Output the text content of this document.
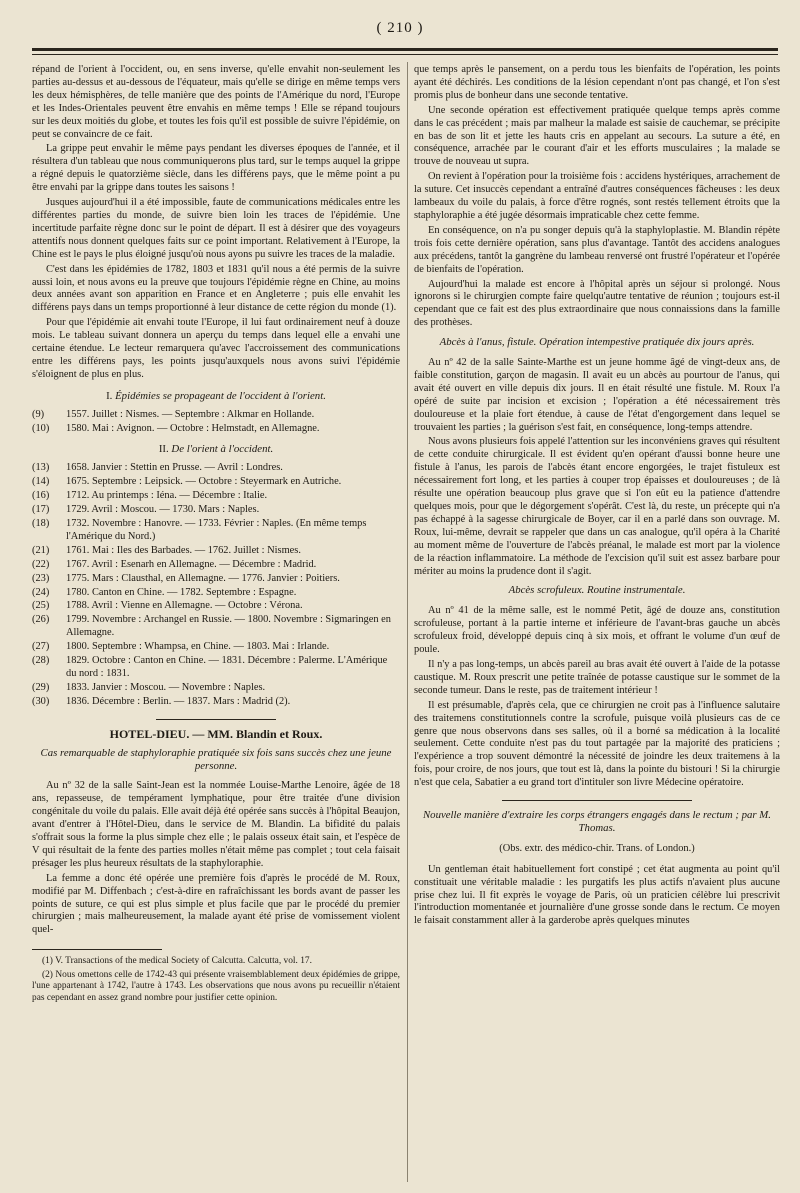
( 210 )

répand de l'orient à l'occident, ou, en sens inverse, qu'elle envahit non-seulement les parties au-dessus et au-dessous de l'équateur, mais qu'elle se dirige en même temps vers les deux hémisphères, de telle manière que des points de l'Amérique du nord, l'Europe et les Indes-Orientales peuvent être envahis en même temps ! Elle se répand toujours sur les deux moitiés du globe, et toutes les fois qu'il est possible de suivre l'épidémie, on peut se convaincre de ce fait.

La grippe peut envahir le même pays pendant les diverses époques de l'année, et il résultera d'un tableau que nous communiquerons plus tard, sur le temps auquel la grippe a régné depuis le quatorzième siècle, dans les différens pays, que le même point a pu être envahi par la grippe dans toutes les saisons !

Jusques aujourd'hui il a été impossible, faute de communications médicales entre les différentes parties du monde, de suivre bien loin les traces de l'épidémie. Une incertitude parfaite règne donc sur le point de départ. Il est à désirer que des voyageurs attentifs nous donnent quelques faits sur ce point important. Relativement à l'Europe, la Chine est le pays le plus éloigné jusqu'où nous ayons pu suivre les traces de la maladie.

C'est dans les épidémies de 1782, 1803 et 1831 qu'il nous a été permis de la suivre aussi loin, et nous avons eu la preuve que toujours l'épidémie règne en Chine, au moins deux années avant son apparition en France et en Angleterre ; puis elle envahit les différens pays dans un temps proportionné à leur distance de cette région du monde (1).

Pour que l'épidémie ait envahi toute l'Europe, il lui faut ordinairement neuf à douze mois. Le tableau suivant donnera un aperçu du temps dans lequel elle a envahi une certaine étendue. Le lecteur remarquera qu'avec l'accroissement des communications entre les différens pays, les points jusqu'auxquels nous avons suivi l'épidémie s'éloignent de plus en plus.

I. Épidémies se propageant de l'occident à l'orient.
(9)	1557. Juillet : Nismes. — Septembre : Alkmar en Hollande.
(10)	1580. Mai : Avignon. — Octobre : Helmstadt, en Allemagne.
II. De l'orient à l'occident.
(13)	1658. Janvier : Stettin en Prusse. — Avril : Londres.
(14)	1675. Septembre : Leipsick. — Octobre : Steyermark en Autriche.
(16)	1712. Au printemps : Iéna. — Décembre : Italie.
(17)	1729. Avril : Moscou. — 1730. Mars : Naples.
(18)	1732. Novembre : Hanovre. — 1733. Février : Naples. (En même temps l'Amérique du Nord.)
(21)	1761. Mai : Iles des Barbades. — 1762. Juillet : Nismes.
(22)	1767. Avril : Esenarh en Allemagne. — Décembre : Madrid.
(23)	1775. Mars : Clausthal, en Allemagne. — 1776. Janvier : Poitiers.
(24)	1780. Canton en Chine. — 1782. Septembre : Espagne.
(25)	1788. Avril : Vienne en Allemagne. — Octobre : Vérona.
(26)	1799. Novembre : Archangel en Russie. — 1800. Novembre : Sigmaringen en Allemagne.
(27)	1800. Septembre : Whampsa, en Chine. — 1803. Mai : Irlande.
(28)	1829. Octobre : Canton en Chine. — 1831. Décembre : Palerme. L'Amérique du nord : 1831.
(29)	1833. Janvier : Moscou. — Novembre : Naples.
(30)	1836. Décembre : Berlin. — 1837. Mars : Madrid (2).
HOTEL-DIEU. — MM. Blandin et Roux.
Cas remarquable de staphyloraphie pratiquée six fois sans succès chez une jeune personne.

Au nº 32 de la salle Saint-Jean est la nommée Louise-Marthe Lenoire, âgée de 18 ans, repasseuse, de tempérament lymphatique, pour être traitée d'une division congénitale du voile du palais. Elle avait déjà été opérée sans succès à l'hôpital Beaujon, avant d'entrer à l'Hôtel-Dieu, dans le service de M. Blandin. La bifidité du palais s'offrait sous la forme la plus simple chez elle ; le palais osseux était sain, et l'espèce de V qui résultait de la fente des parties molles n'était même pas complet ; tout cela faisait présager les plus heureux résultats de la staphyloraphie.

La femme a donc été opérée une première fois d'après le procédé de M. Roux, modifié par M. Diffenbach ; c'est-à-dire en rafraîchissant les bords avant de passer les points de suture, ce qui est plus simple et plus facile que par le procédé du premier chirurgien ; mais malheureusement, la malade ayant été prise de vomissement violent quel-

(1) V. Transactions of the medical Society of Calcutta. Calcutta, vol. 17.

(2) Nous omettons celle de 1742-43 qui présente vraisemblablement deux épidémies de grippe, l'une appartenant à 1742, l'autre à 1743. Les observations que nous avons pu recueillir n'étaient pas cependant en assez grand nombre pour justifier cette opinion.

que temps après le pansement, on a perdu tous les bienfaits de l'opération, les points ayant été déchirés. Les conditions de la lésion cependant n'ont pas changé, et l'on s'est promis plus de bonheur dans une seconde tentative.

Une seconde opération est effectivement pratiquée quelque temps après comme dans le cas précédent ; mais par malheur la malade est saisie de cauchemar, se précipite en bas de son lit et jette les hauts cris en appelant au secours. La suture a été, en conséquence, arrachée par le courant d'air et les efforts musculaires ; la malade se trouve de nouveau ut supra.

On revient à l'opération pour la troisième fois : accidens hystériques, arrachement de la suture. Cet insuccès cependant a entraîné d'autres conséquences fâcheuses : les deux lambeaux du voile du palais, à force d'être rognés, sont restés tellement étroits que la staphyloraphie a été jugée désormais impraticable chez cette femme.

En conséquence, on n'a pu songer depuis qu'à la staphyloplastie. M. Blandin répète trois fois cette dernière opération, sans plus d'avantage. Tantôt des accidens analogues aux précédens, tantôt la gangrène du lambeau renversé ont frustré l'opérateur et l'opérée de bienfaits de l'opération.

Aujourd'hui la malade est encore à l'hôpital après un séjour si prolongé. Nous ignorons si le chirurgien compte faire quelqu'autre tentative de réunion ; toujours est-il cependant que ce fait est des plus extraordinaire que nous connaissions dans la famille des prothèses.

Abcès à l'anus, fistule. Opération intempestive pratiquée dix jours après.

Au nº 42 de la salle Sainte-Marthe est un jeune homme âgé de vingt-deux ans, de faible constitution, garçon de magasin. Il avait eu un abcès au pourtour de l'anus, qui avait été ouvert en ville depuis dix jours. Il en était résulté une fistule. M. Roux l'a opéré de suite par incision et excision ; l'opération a été nécessairement très douloureuse et la plaie fort étendue, à cause de l'état d'engorgement dans lequel se trouvaient les parties ; la guérison s'est fait, en conséquence, long-temps attendre.

Nous avons plusieurs fois appelé l'attention sur les inconvéniens graves qui résultent de cette conduite chirurgicale. Il est évident qu'en opérant d'aussi bonne heure une fistule à l'anus, les parois de l'abcès étant encore engorgées, le trajet fistuleux est nécessairement fort long, et les parties à couper trop épaisses et douloureuses ; de là résulte une opération beaucoup plus grave que si l'on eût eu la patience d'attendre quelques mois, pour que le dégorgement s'opérât. C'est là, du reste, un précepte qui n'a pas échappé à la sagesse chirurgicale de Boyer, car il en a parlé dans son ouvrage. M. Roux, lui-même, devrait se rappeler que dans un cas analogue, qu'il opéra à la Charité au moment même de l'ouverture de l'abcès préanal, le malade est mort par la violence de la réaction inflammatoire. La méthode de l'excision qu'il suit est assez barbare pour mériter au moins la prudence dont il s'agit.

Abcès scrofuleux. Routine instrumentale.

Au nº 41 de la même salle, est le nommé Petit, âgé de douze ans, constitution scrofuleuse, portant à la partie interne et inférieure de l'avant-bras gauche un abcès scrofuleux froid, développé depuis cinq à six mois, et offrant le volume d'un œuf de poule.

Il n'y a pas long-temps, un abcès pareil au bras avait été ouvert à l'aide de la potasse caustique. M. Roux prescrit une petite traînée de potasse caustique sur le sommet de la seconde tumeur. Dans le reste, pas de traitement intérieur !

Il est présumable, d'après cela, que ce chirurgien ne croit pas à l'influence salutaire des traitemens constitutionnels contre la scrofule, puisque voilà plusieurs cas de ce genre que nous observons dans ses salles, où il a borné sa médication à la localité seulement. Cette conduite n'est pas du tout partagée par la majorité des praticiens ; l'expérience a trop souvent démontré la nécessité de joindre les deux traitemens à la fois, pour croire, de nos jours, que tout est là, dans la pointe du bistouri ! Si la chirurgie n'est que cela, Sabatier a eu grand tort d'intituler son livre Médecine opératoire.

Nouvelle manière d'extraire les corps étrangers engagés dans le rectum ; par M. Thomas.
(Obs. extr. des médico-chir. Trans. of London.)

Un gentleman était habituellement fort constipé ; cet état augmenta au point qu'il constituait une véritable maladie : les purgatifs les plus actifs n'avaient plus aucune prise chez lui. Il fit exprès le voyage de Paris, où un praticien célèbre lui prescrivit l'introduction momentanée et journalière d'une grosse sonde dans le rectum. Ce moyen le faisait constamment aller à la garderobe après quelques minutes
